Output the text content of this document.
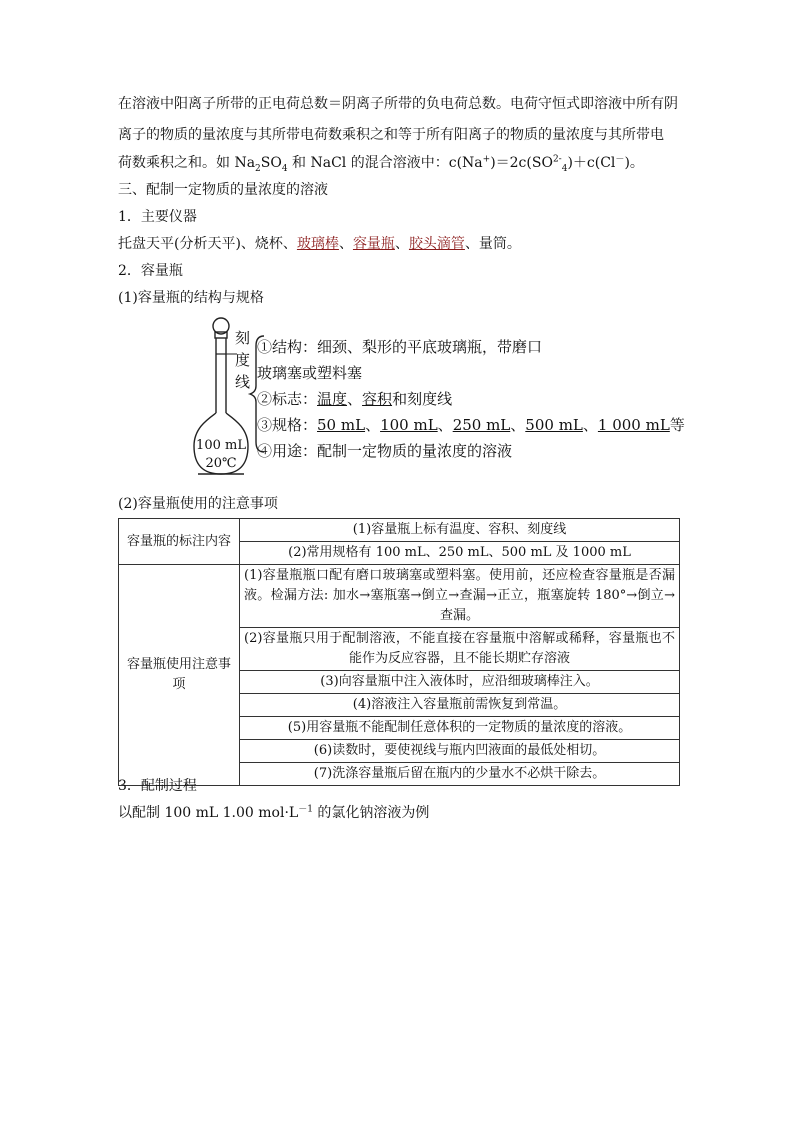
在溶液中阳离子所带的正电荷总数＝阴离子所带的负电荷总数。电荷守恒式即溶液中所有阴
离子的物质的量浓度与其所带电荷数乘积之和等于所有阳离子的物质的量浓度与其所带电
荷数乘积之和。如 $Na_2SO_4$ 和 NaCl 的混合溶液中：$c(Na^+)=2c(SO^{2-}_4)+c(Cl^-)$。
三、配制一定物质的量浓度的溶液
1．主要仪器
托盘天平(分析天平)、烧杯、玻璃棒、容量瓶、胶头滴管、量筒。
2．容量瓶
(1)容量瓶的结构与规格
刻
度
线
100 mL
20℃
①结构：细颈、梨形的平底玻璃瓶，带磨口
玻璃塞或塑料塞
②标志：温度、容积和刻度线
③规格：50 mL、100 mL、250 mL、500 mL、1 000 mL等
④用途：配制一定物质的量浓度的溶液
(2)容量瓶使用的注意事项
容量瓶的标注内容	(1)容量瓶上标有温度、容积、刻度线
	(2)常用规格有 100 mL、250 mL、500 mL 及 1000 mL
容量瓶使用注意事项	(1)容量瓶瓶口配有磨口玻璃塞或塑料塞。使用前，还应检查容量瓶是否漏液。检漏方法: 加水→塞瓶塞→倒立→查漏→正立，瓶塞旋转 180°→倒立→查漏。
	(2)容量瓶只用于配制溶液，不能直接在容量瓶中溶解或稀释，容量瓶也不能作为反应容器，且不能长期贮存溶液
	(3)向容量瓶中注入液体时，应沿细玻璃棒注入。
	(4)溶液注入容量瓶前需恢复到常温。
	(5)用容量瓶不能配制任意体积的一定物质的量浓度的溶液。
	(6)读数时，要使视线与瓶内凹液面的最低处相切。
	(7)洗涤容量瓶后留在瓶内的少量水不必烘干除去。
3．配制过程
以配制 100 mL 1.00 $mol\cdot L^{-1}$ 的氯化钠溶液为例
